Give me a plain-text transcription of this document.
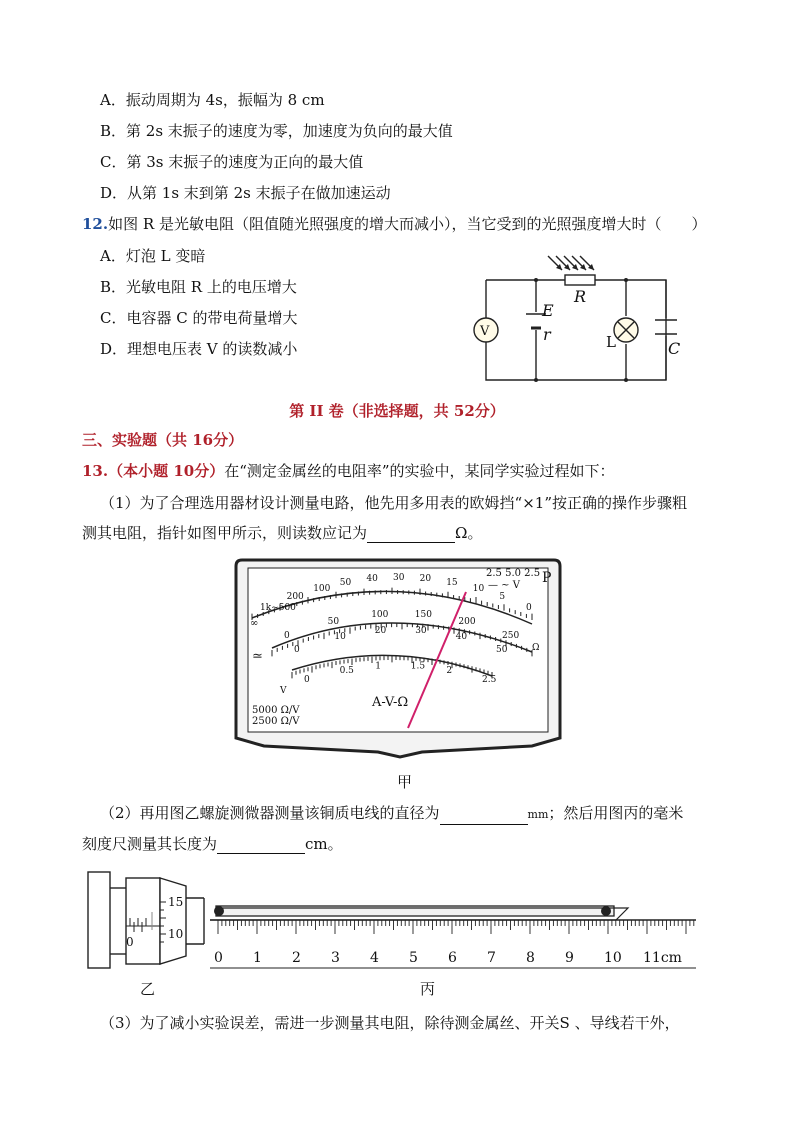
A．振动周期为 4s，振幅为 8 cm
B．第 2s 末振子的速度为零，加速度为负向的最大值
C．第 3s 末振子的速度为正向的最大值
D．从第 1s 末到第 2s 末振子在做加速运动
12.如图 R 是光敏电阻（阻值随光照强度的增大而减小），当它受到的光照强度增大时（　　）
A．灯泡 L 变暗
B．光敏电阻 R 上的电压增大
C．电容器 C 的带电荷量增大
D．理想电压表 V 的读数减小
E
r
R
C
L
V
第 II 卷（非选择题，共 52分）
三、实验题（共 16分）
13.（本小题 10分）在“测定金属丝的电阻率”的实验中，某同学实验过程如下：
（1）为了合理选用器材设计测量电路，他先用多用表的欧姆挡“×1”按正确的操作步骤粗
测其电阻，指针如图甲所示，则读数应记为	Ω。
1k~500
200
100
50 40 30 20 15
10
5
0
0
50
100	150
200
250
0
10
20	30
40
50
0
0.5 1	1.5 2
2.5
2.5 5.0 2.5
— ~ V P
A-V-Ω
5000 Ω/V
2500 Ω/V
∞
Ω
≃
V
甲
（2）再用图乙螺旋测微器测量该铜质电线的直径为	mm；然后用图丙的毫米
刻度尺测量其长度为	cm。
15
10
0
乙
0 1 2 3 4 5 6 7 8 9 10 11cm
丙
（3）为了减小实验误差，需进一步测量其电阻，除待测金属丝、开关S 、导线若干外，
